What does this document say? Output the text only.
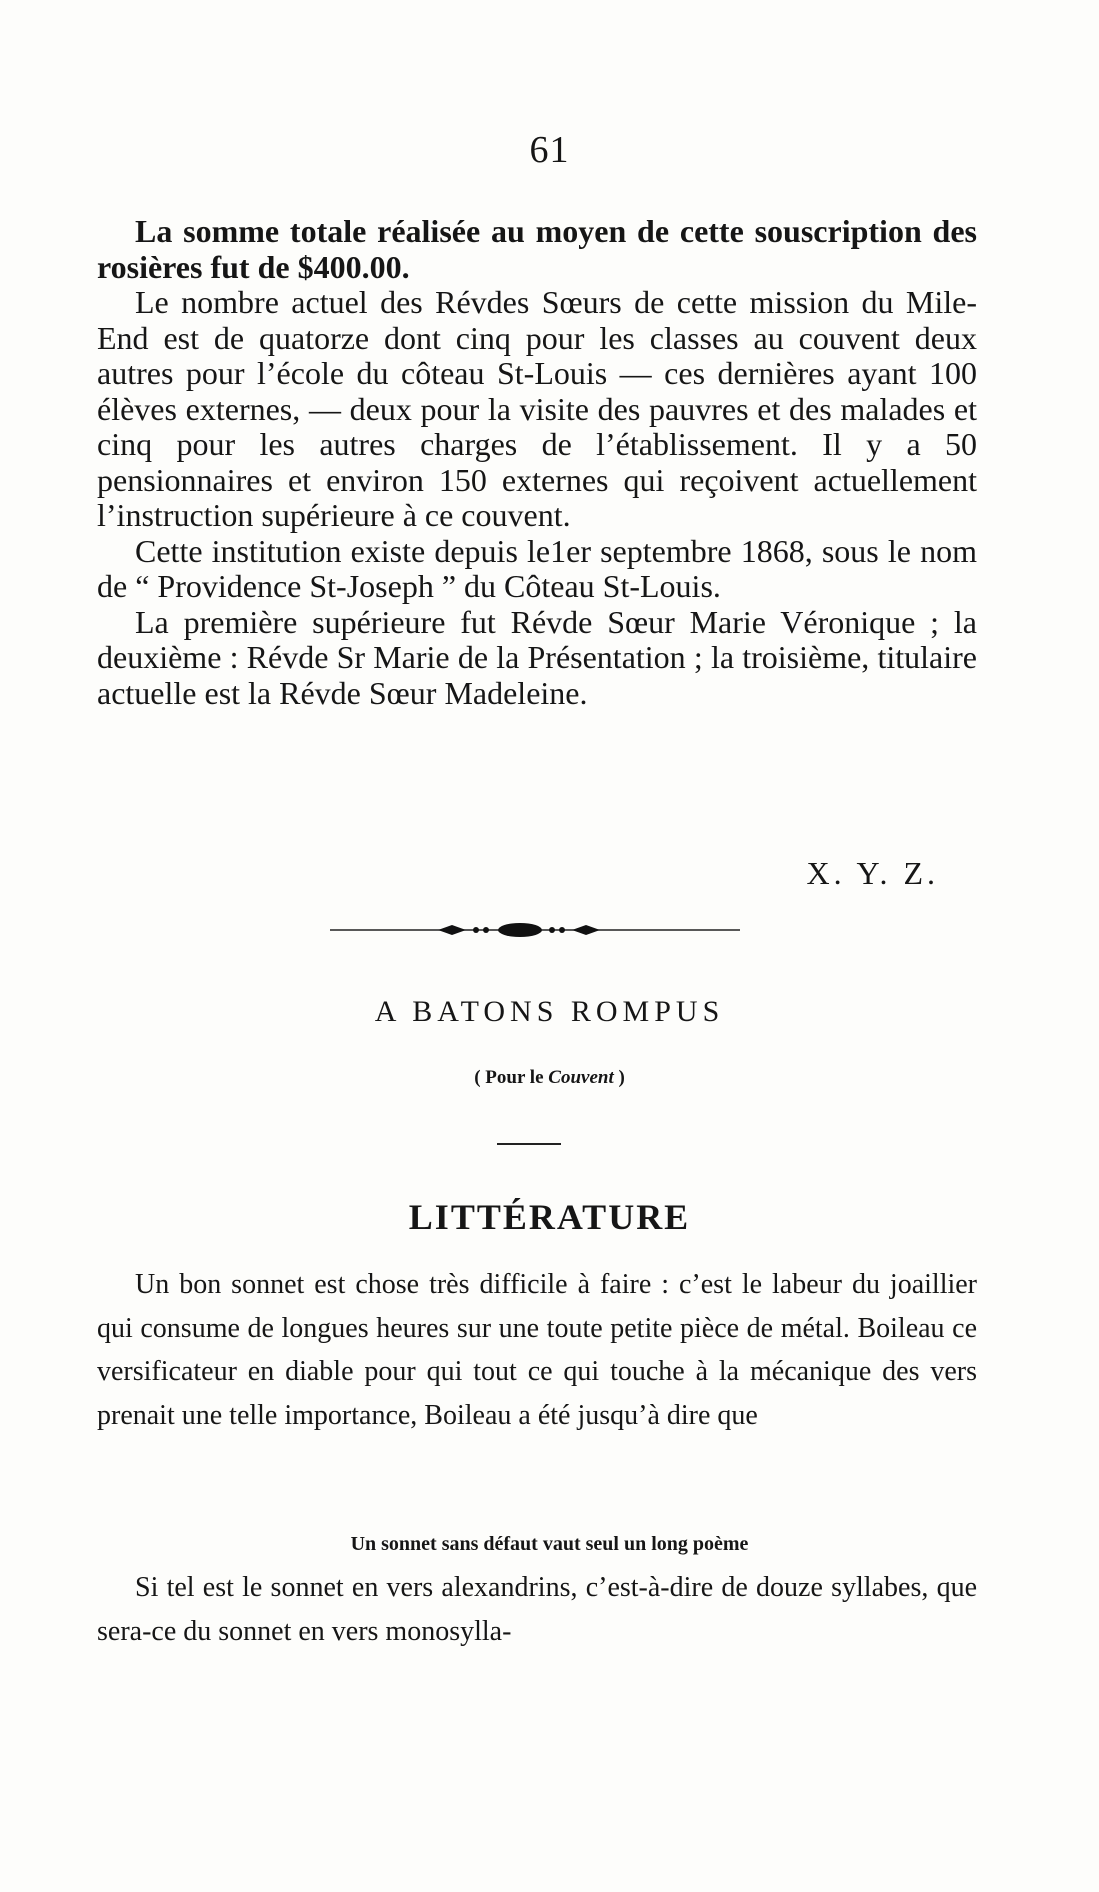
61

La somme totale réalisée au moyen de cette souscription des rosières fut de $400.00.

Le nombre actuel des Révdes Sœurs de cette mission du Mile-End est de quatorze dont cinq pour les classes au couvent deux autres pour l’école du côteau St-Louis — ces dernières ayant 100 élèves externes, — deux pour la visite des pauvres et des malades et cinq pour les autres charges de l’établissement. Il y a 50 pensionnaires et environ 150 externes qui reçoivent actuellement l’instruction supérieure à ce couvent.

Cette institution existe depuis le1er septembre 1868, sous le nom de “ Providence St-Joseph ” du Côteau St-Louis.

La première supérieure fut Révde Sœur Marie Véronique ; la deuxième : Révde Sr Marie de la Présentation ; la troisième, titulaire actuelle est la Révde Sœur Madeleine.

X. Y. Z.
A BATONS ROMPUS
( Pour le Couvent )
LITTÉRATURE

Un bon sonnet est chose très difficile à faire : c’est le labeur du joaillier qui consume de longues heures sur une toute petite pièce de métal. Boileau ce versificateur en diable pour qui tout ce qui touche à la mécanique des vers prenait une telle importance, Boileau a été jusqu’à dire que

Un sonnet sans défaut vaut seul un long poème

Si tel est le sonnet en vers alexandrins, c’est-à-dire de douze syllabes, que sera-ce du sonnet en vers monosylla-
